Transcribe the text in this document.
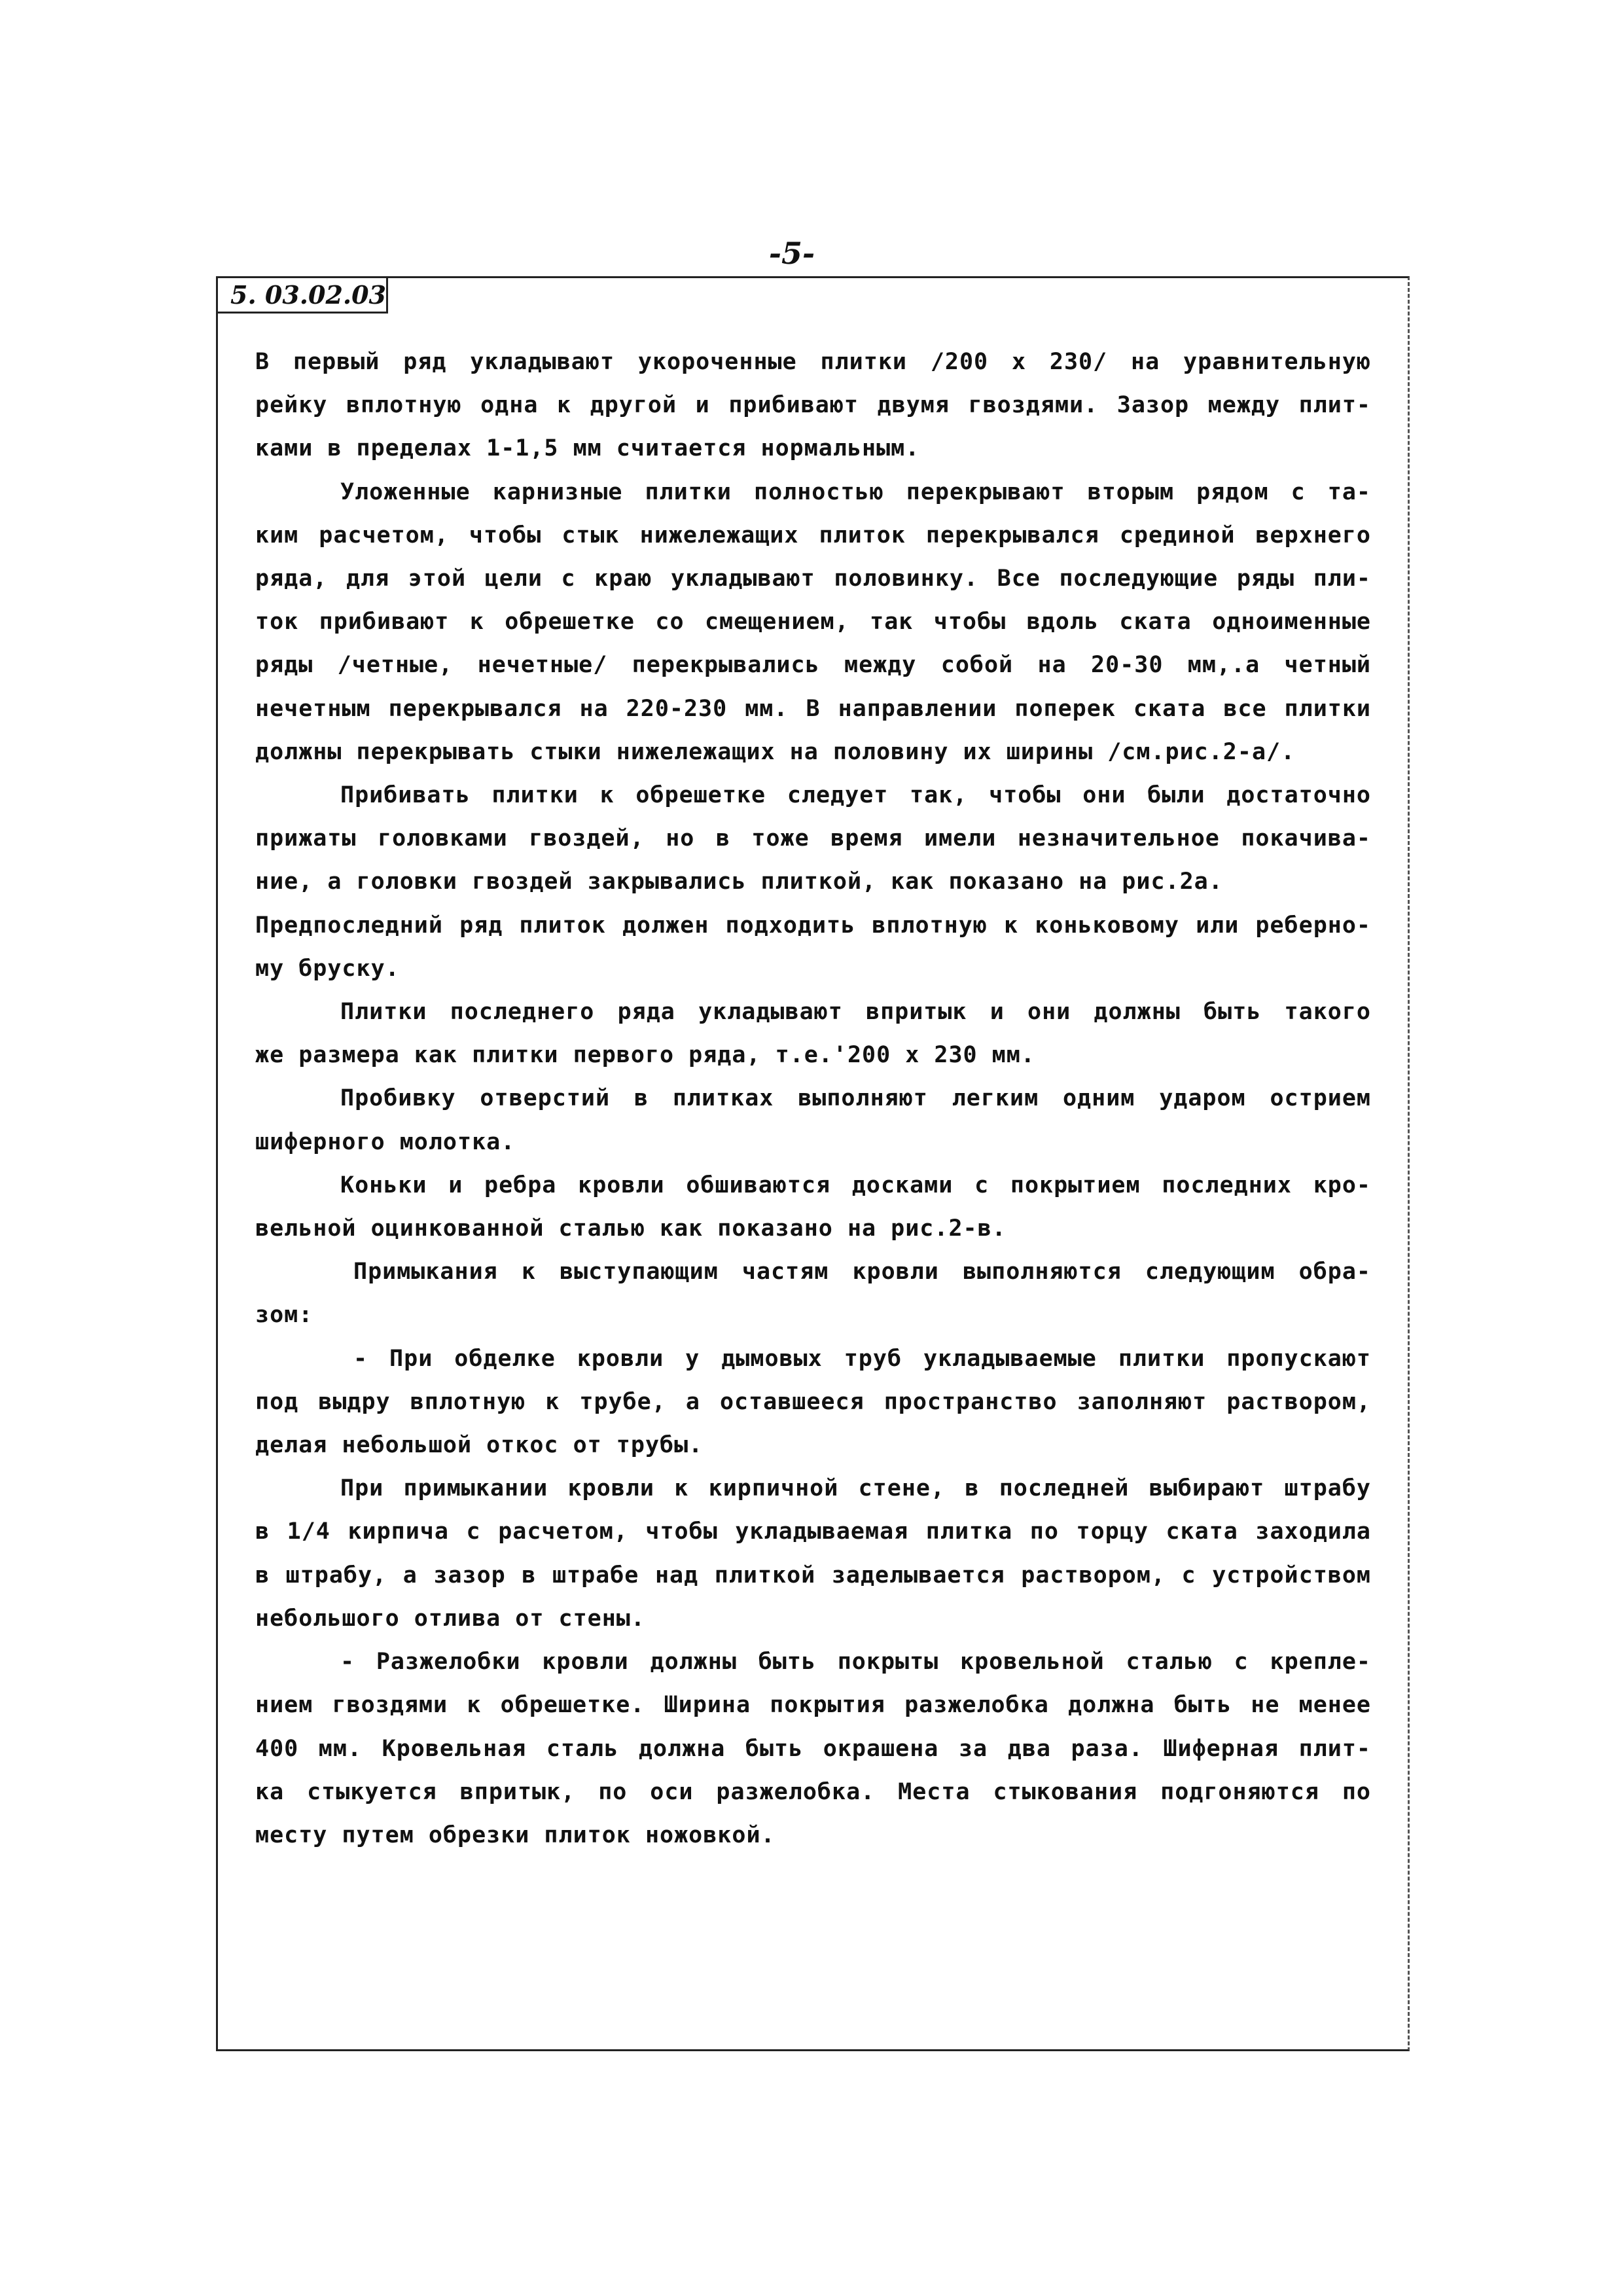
-5-
5. 03.02.03
В первый ряд укладывают укороченные плитки /200 х 230/ на уравнительную
рейку вплотную одна к другой и прибивают двумя гвоздями. Зазор между плит-
ками в пределах 1-1,5 мм считается нормальным.
Уложенные карнизные плитки полностью перекрывают вторым рядом с та-
ким расчетом, чтобы стык нижележащих плиток перекрывался срединой верхнего
ряда, для этой цели с краю укладывают половинку. Все последующие ряды пли-
ток прибивают к обрешетке со смещением, так чтобы вдоль ската одноименные
ряды /четные, нечетные/ перекрывались между собой на 20-30 мм,.а четный
нечетным перекрывался на 220-230 мм. В направлении поперек ската все плитки
должны перекрывать стыки нижележащих на половину их ширины /см.рис.2-а/.
Прибивать плитки к обрешетке следует так, чтобы они были достаточно
прижаты головками гвоздей, но в тоже время имели незначительное покачива-
ние, а головки гвоздей закрывались плиткой, как показано на рис.2а.
Предпоследний ряд плиток должен подходить вплотную к коньковому или реберно-
му бруску.
Плитки последнего ряда укладывают впритык и они должны быть такого
же размера как плитки первого ряда, т.е.'200 х 230 мм.
Пробивку отверстий в плитках выполняют легким одним ударом острием
шиферного молотка.
Коньки и ребра кровли обшиваются досками с покрытием последних кро-
вельной оцинкованной сталью как показано на рис.2-в.
Примыкания к выступающим частям кровли выполняются следующим обра-
зом:
- При обделке кровли у дымовых труб укладываемые плитки пропускают
под выдру вплотную к трубе, а оставшееся пространство заполняют раствором,
делая небольшой откос от трубы.
При примыкании кровли к кирпичной стене, в последней выбирают штрабу
в 1/4 кирпича с расчетом, чтобы укладываемая плитка по торцу ската заходила
в штрабу, а зазор в штрабе над плиткой заделывается раствором, с устройством
небольшого отлива от стены.
- Разжелобки кровли должны быть покрыты кровельной сталью с крепле-
нием гвоздями к обрешетке. Ширина покрытия разжелобка должна быть не менее
400 мм. Кровельная сталь должна быть окрашена за два раза. Шиферная плит-
ка стыкуется впритык, по оси разжелобка. Места стыкования подгоняются по
месту путем обрезки плиток ножовкой.
